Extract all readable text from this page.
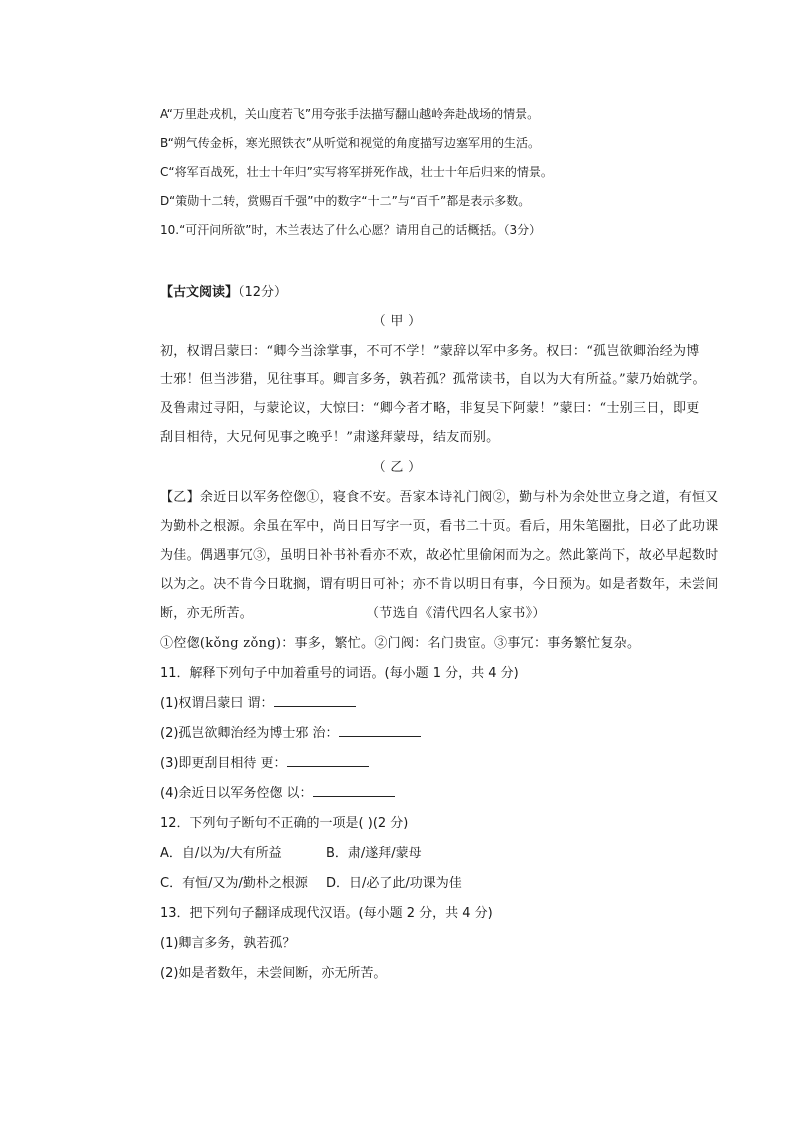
A“万里赴戎机，关山度若飞”用夸张手法描写翻山越岭奔赴战场的情景。
B“朔气传金柝，寒光照铁衣”从听觉和视觉的角度描写边塞军用的生活。
C“将军百战死，壮士十年归”实写将军拼死作战，壮士十年后归来的情景。
D“策勋十二转，赏赐百千强”中的数字“十二”与“百千”都是表示多数。
10.“可汗问所欲”时，木兰表达了什么心愿？请用自己的话概括。（3分）
【古文阅读】（12分）
（ 甲 ）
初，权谓吕蒙曰：“卿今当涂掌事，不可不学！”蒙辞以军中多务。权曰：“孤岂欲卿治经为博
士邪！但当涉猎，见往事耳。卿言多务，孰若孤？孤常读书，自以为大有所益。”蒙乃始就学。
及鲁肃过寻阳，与蒙论议，大惊曰：“卿今者才略，非复吴下阿蒙！”蒙曰：“士别三日，即更
刮目相待，大兄何见事之晚乎！”肃遂拜蒙母，结友而别。
（ 乙 ）
【乙】余近日以军务倥偬①，寝食不安。吾家本诗礼门阀②，勤与朴为余处世立身之道，有恒又
为勤朴之根源。余虽在军中，尚日日写字一页，看书二十页。看后，用朱笔圈批，日必了此功课
为佳。偶遇事冗③，虽明日补书补看亦不欢，故必忙里偷闲而为之。然此篆尚下，故必早起数时
以为之。决不肯今日耽搁，谓有明日可补；亦不肯以明日有事，今日预为。如是者数年，未尝间
断，亦无所苦。	（节选自《清代四名人家书》）
①倥偬(kǒng zǒng)：事多，繁忙。②门阀：名门贵宦。③事冗：事务繁忙复杂。
11．解释下列句子中加着重号的词语。(每小题 1 分，共 4 分)
(1)权谓吕蒙曰 谓：
(2)孤岂欲卿治经为博士邪 治：
(3)即更刮目相待 更：
(4)余近日以军务倥偬 以：
12．下列句子断句不正确的一项是( )(2 分)
A．自/以为/大有所益	B．肃/遂拜/蒙母
C．有恒/又为/勤朴之根源 D．日/必了此/功课为佳
13．把下列句子翻译成现代汉语。(每小题 2 分，共 4 分)
(1)卿言多务，孰若孤？
(2)如是者数年，未尝间断，亦无所苦。
